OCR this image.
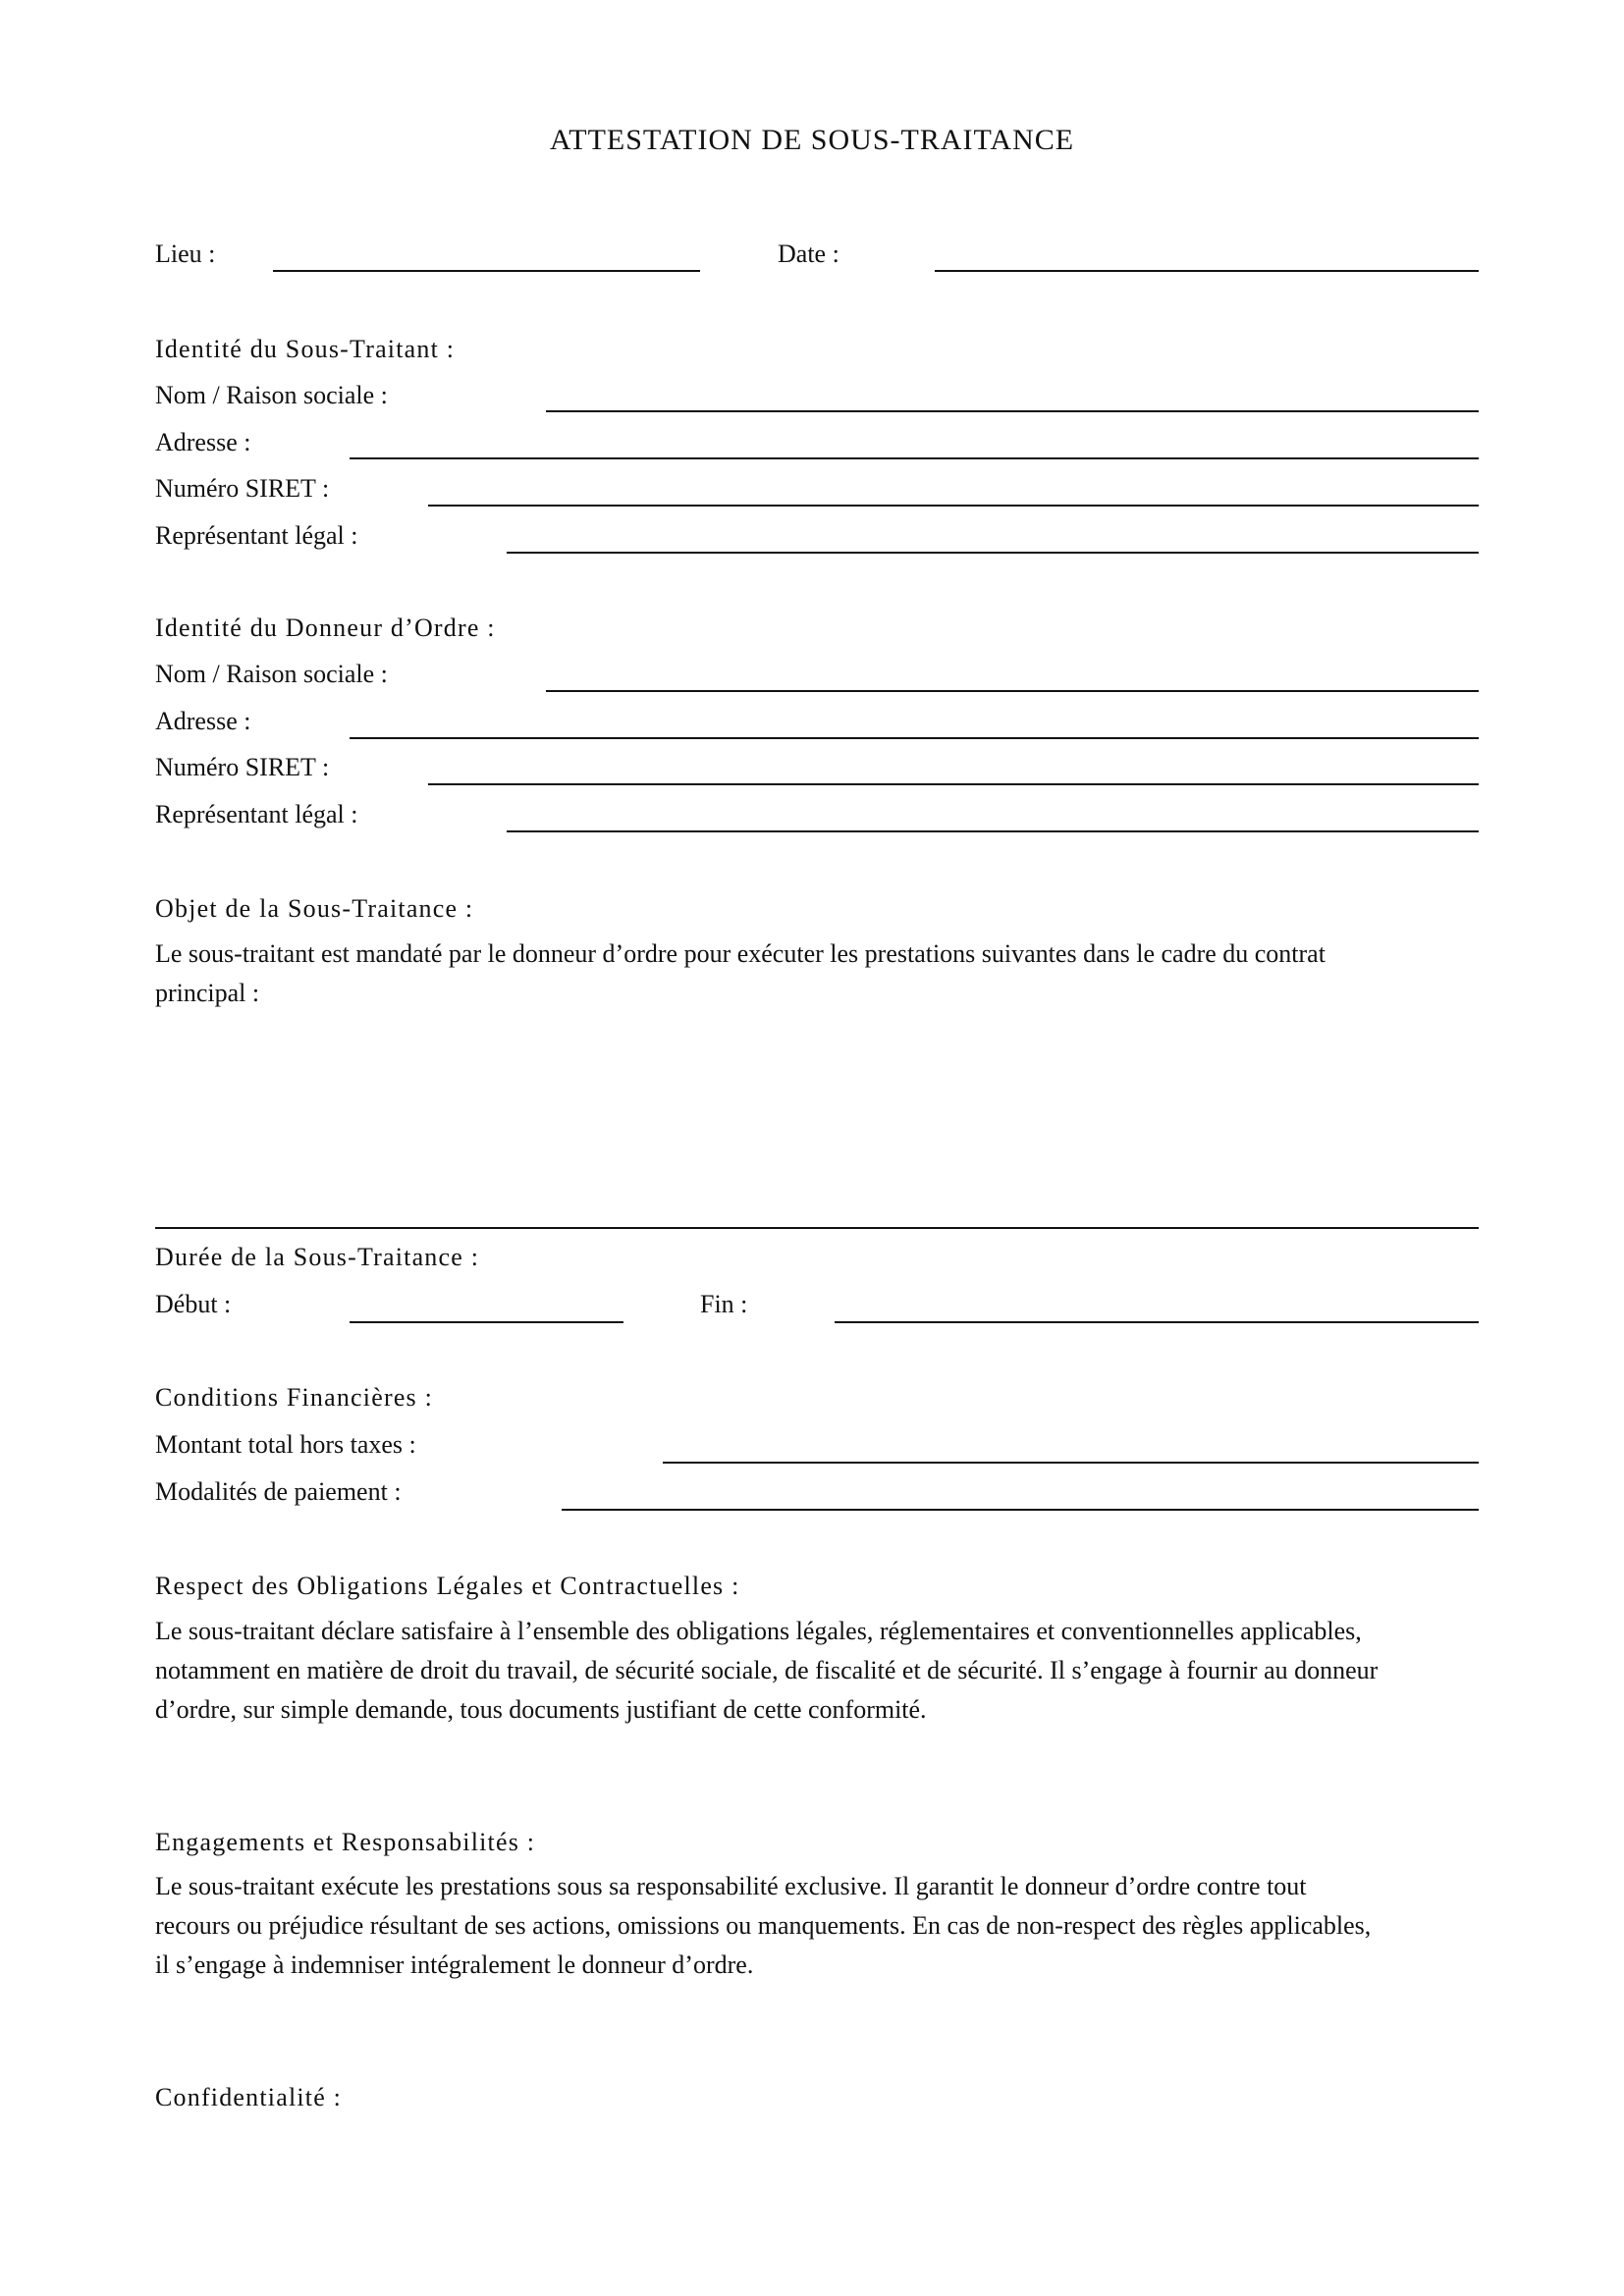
ATTESTATION DE SOUS-TRAITANCE
Lieu :	Date :
Identité du Sous-Traitant :
Nom / Raison sociale :
Adresse :
Numéro SIRET :
Représentant légal :
Identité du Donneur d’Ordre :
Nom / Raison sociale :
Adresse :
Numéro SIRET :
Représentant légal :
Objet de la Sous-Traitance :
Le sous-traitant est mandaté par le donneur d’ordre pour exécuter les prestations suivantes dans le cadre du contrat
principal :
Durée de la Sous-Traitance :
Début :	Fin :
Conditions Financières :
Montant total hors taxes :
Modalités de paiement :
Respect des Obligations Légales et Contractuelles :
Le sous-traitant déclare satisfaire à l’ensemble des obligations légales, réglementaires et conventionnelles applicables,
notamment en matière de droit du travail, de sécurité sociale, de fiscalité et de sécurité. Il s’engage à fournir au donneur
d’ordre, sur simple demande, tous documents justifiant de cette conformité.
Engagements et Responsabilités :
Le sous-traitant exécute les prestations sous sa responsabilité exclusive. Il garantit le donneur d’ordre contre tout
recours ou préjudice résultant de ses actions, omissions ou manquements. En cas de non-respect des règles applicables,
il s’engage à indemniser intégralement le donneur d’ordre.
Confidentialité :
